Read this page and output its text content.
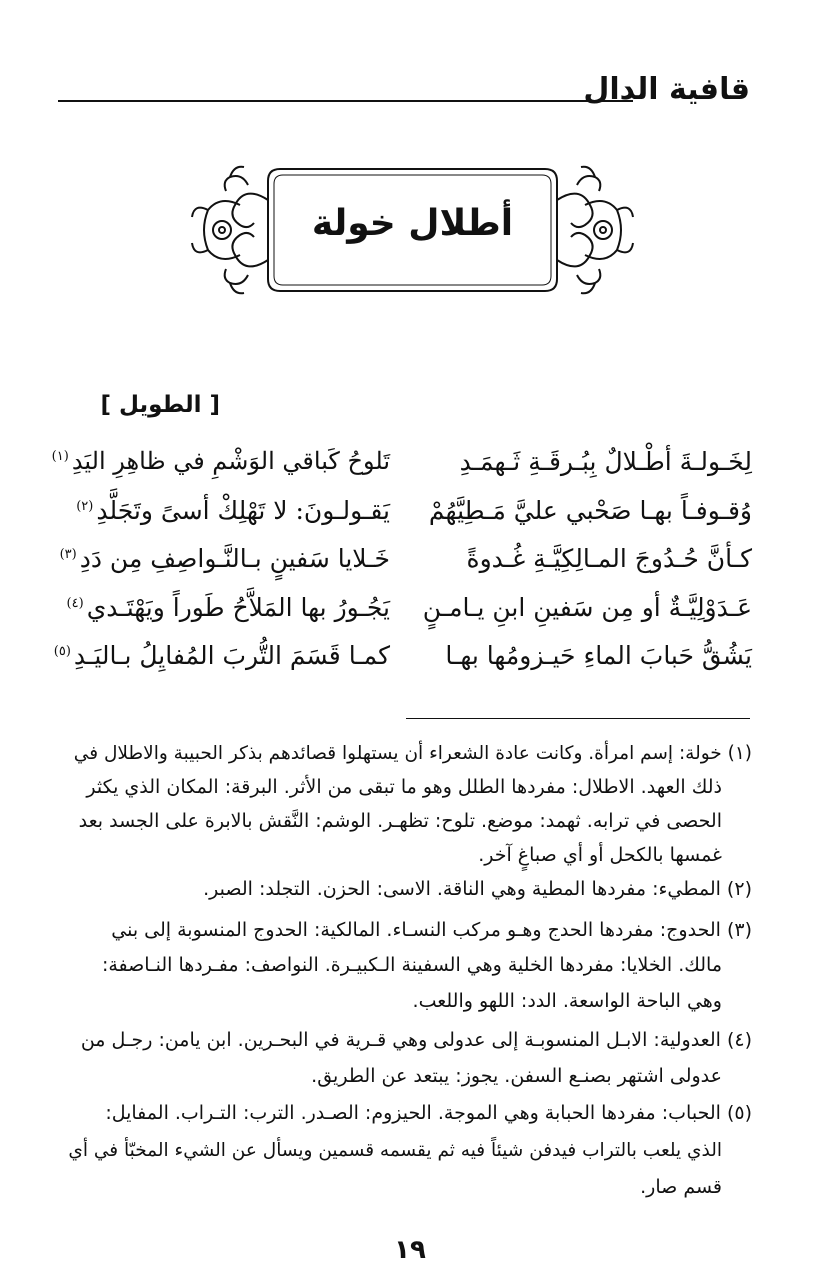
قافية الدال
أطلال خولة
[ الطويل ]
لِخَـولـةَ أطْـلالٌ بِبُـرقَـةِ ثَـهمَـدِ
تَلوحُ كَباقي الوَشْمِ في ظاهِرِ اليَدِ$^{(١)}$
وُقـوفـاً بهـا صَحْبي عليَّ مَـطِيَّهُمْ
يَقـولـونَ: لا تَهْلِكْ أسىً وتَجَلَّدِ$^{(٢)}$
كـأنَّ حُـدُوجَ المـالِكِيَّـةِ غُـدوةً
خَـلايا سَفينٍ بـالنَّـواصِفِ مِن دَدِ$^{(٣)}$
عَـدَوْلِيَّـةٌ أو مِن سَفينِ ابنِ يـامـنٍ
يَجُـورُ بها المَلاَّحُ طَوراً ويَهْتَـدي$^{(٤)}$
يَشُقُّ حَبابَ الماءِ حَيـزومُها بهـا
كمـا قَسَمَ التُّربَ المُفايِلُ بـاليَـدِ$^{(٥)}$
(١) خولة: إسم امرأة. وكانت عادة الشعراء أن يستهلوا قصائدهم بذكر الحبيبة والاطلال في
ذلك العهد. الاطلال: مفردها الطلل وهو ما تبقى من الأثر. البرقة: المكان الذي يكثر
الحصى في ترابه. ثهمد: موضع. تلوح: تظهـر. الوشم: النَّقش بالابرة على الجسد بعد
غمسها بالكحل أو أي صباغٍ آخر.
(٢) المطيء: مفردها المطية وهي الناقة. الاسى: الحزن. التجلد: الصبر.
(٣) الحدوج: مفردها الحدج وهـو مركب النسـاء. المالكية: الحدوج المنسوبة إلى بني
مالك. الخلايا: مفردها الخلية وهي السفينة الـكبيـرة. النواصف: مفـردها النـاصفة:
وهي الباحة الواسعة. الدد: اللهو واللعب.
(٤) العدولية: الابـل المنسوبـة إلى عدولى وهي قـرية في البحـرين. ابن يامن: رجـل من
عدولى اشتهر بصنـع السفن. يجوز: يبتعد عن الطريق.
(٥) الحباب: مفردها الحبابة وهي الموجة. الحيزوم: الصـدر. الترب: التـراب. المفايل:
الذي يلعب بالتراب فيدفن شيئاً فيه ثم يقسمه قسمين ويسأل عن الشيء المخبّأ في أي
قسم صار.
١٩
